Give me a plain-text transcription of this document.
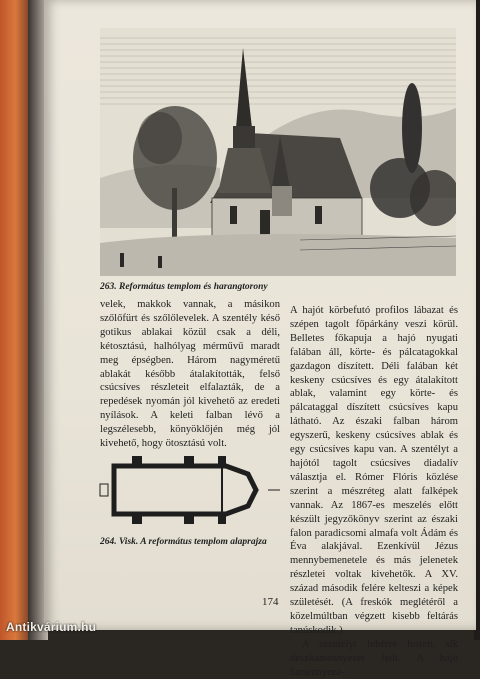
263. Református templom és harangtorony

velek, makkok vannak, a másikon szőlőfürt és szőlőlevelek. A szentély késő gotikus ablakai közül csak a déli, kétosztású, halhólyag mérművű maradt meg épségben. Három nagyméretű ablakát később átalakították, felső csúcsíves részleteit elfalazták, de a repedések nyomán jól kivehető az eredeti nyílások. A keleti falban lévő a legszélesebb, könyöklőjén még jól kivehető, hogy ötosztású volt.

264. Visk. A református templom alaprajza

A hajót körbefutó profilos lábazat és szépen tagolt főpárkány veszi körül. Belletes főkapuja a hajó nyugati falában áll, körte- és pálcatagokkal gazdagon díszített. Déli falában két keskeny csúcsíves és egy átalakított ablak, valamint egy körte- és pálcataggal díszített csúcsíves kapu látható. Az északi falban három egyszerű, keskeny csúcsíves ablak és egy csúcsíves kapu van. A szentélyt a hajótól tagolt csúcsíves diadalív választja el. Rómer Flóris közlése szerint a mészréteg alatt falképek vannak. Az 1867-es meszelés előtt készült jegyzőkönyv szerint az északi falon paradicsomi almafa volt Ádám és Éva alakjával. Ezenkívül Jézus mennybemenetele és más jelenetek részletei voltak kivehetők. A XV. század második felére kelteszi a képek születését. (A freskók meglétéről a közelmúltban végzett kisebb feltárás tanúskodik.)

A szentélyt fehérre festett, sík deszkamennyezet fedi. A hajó famennyeze-

174
Antikvárium.hu
